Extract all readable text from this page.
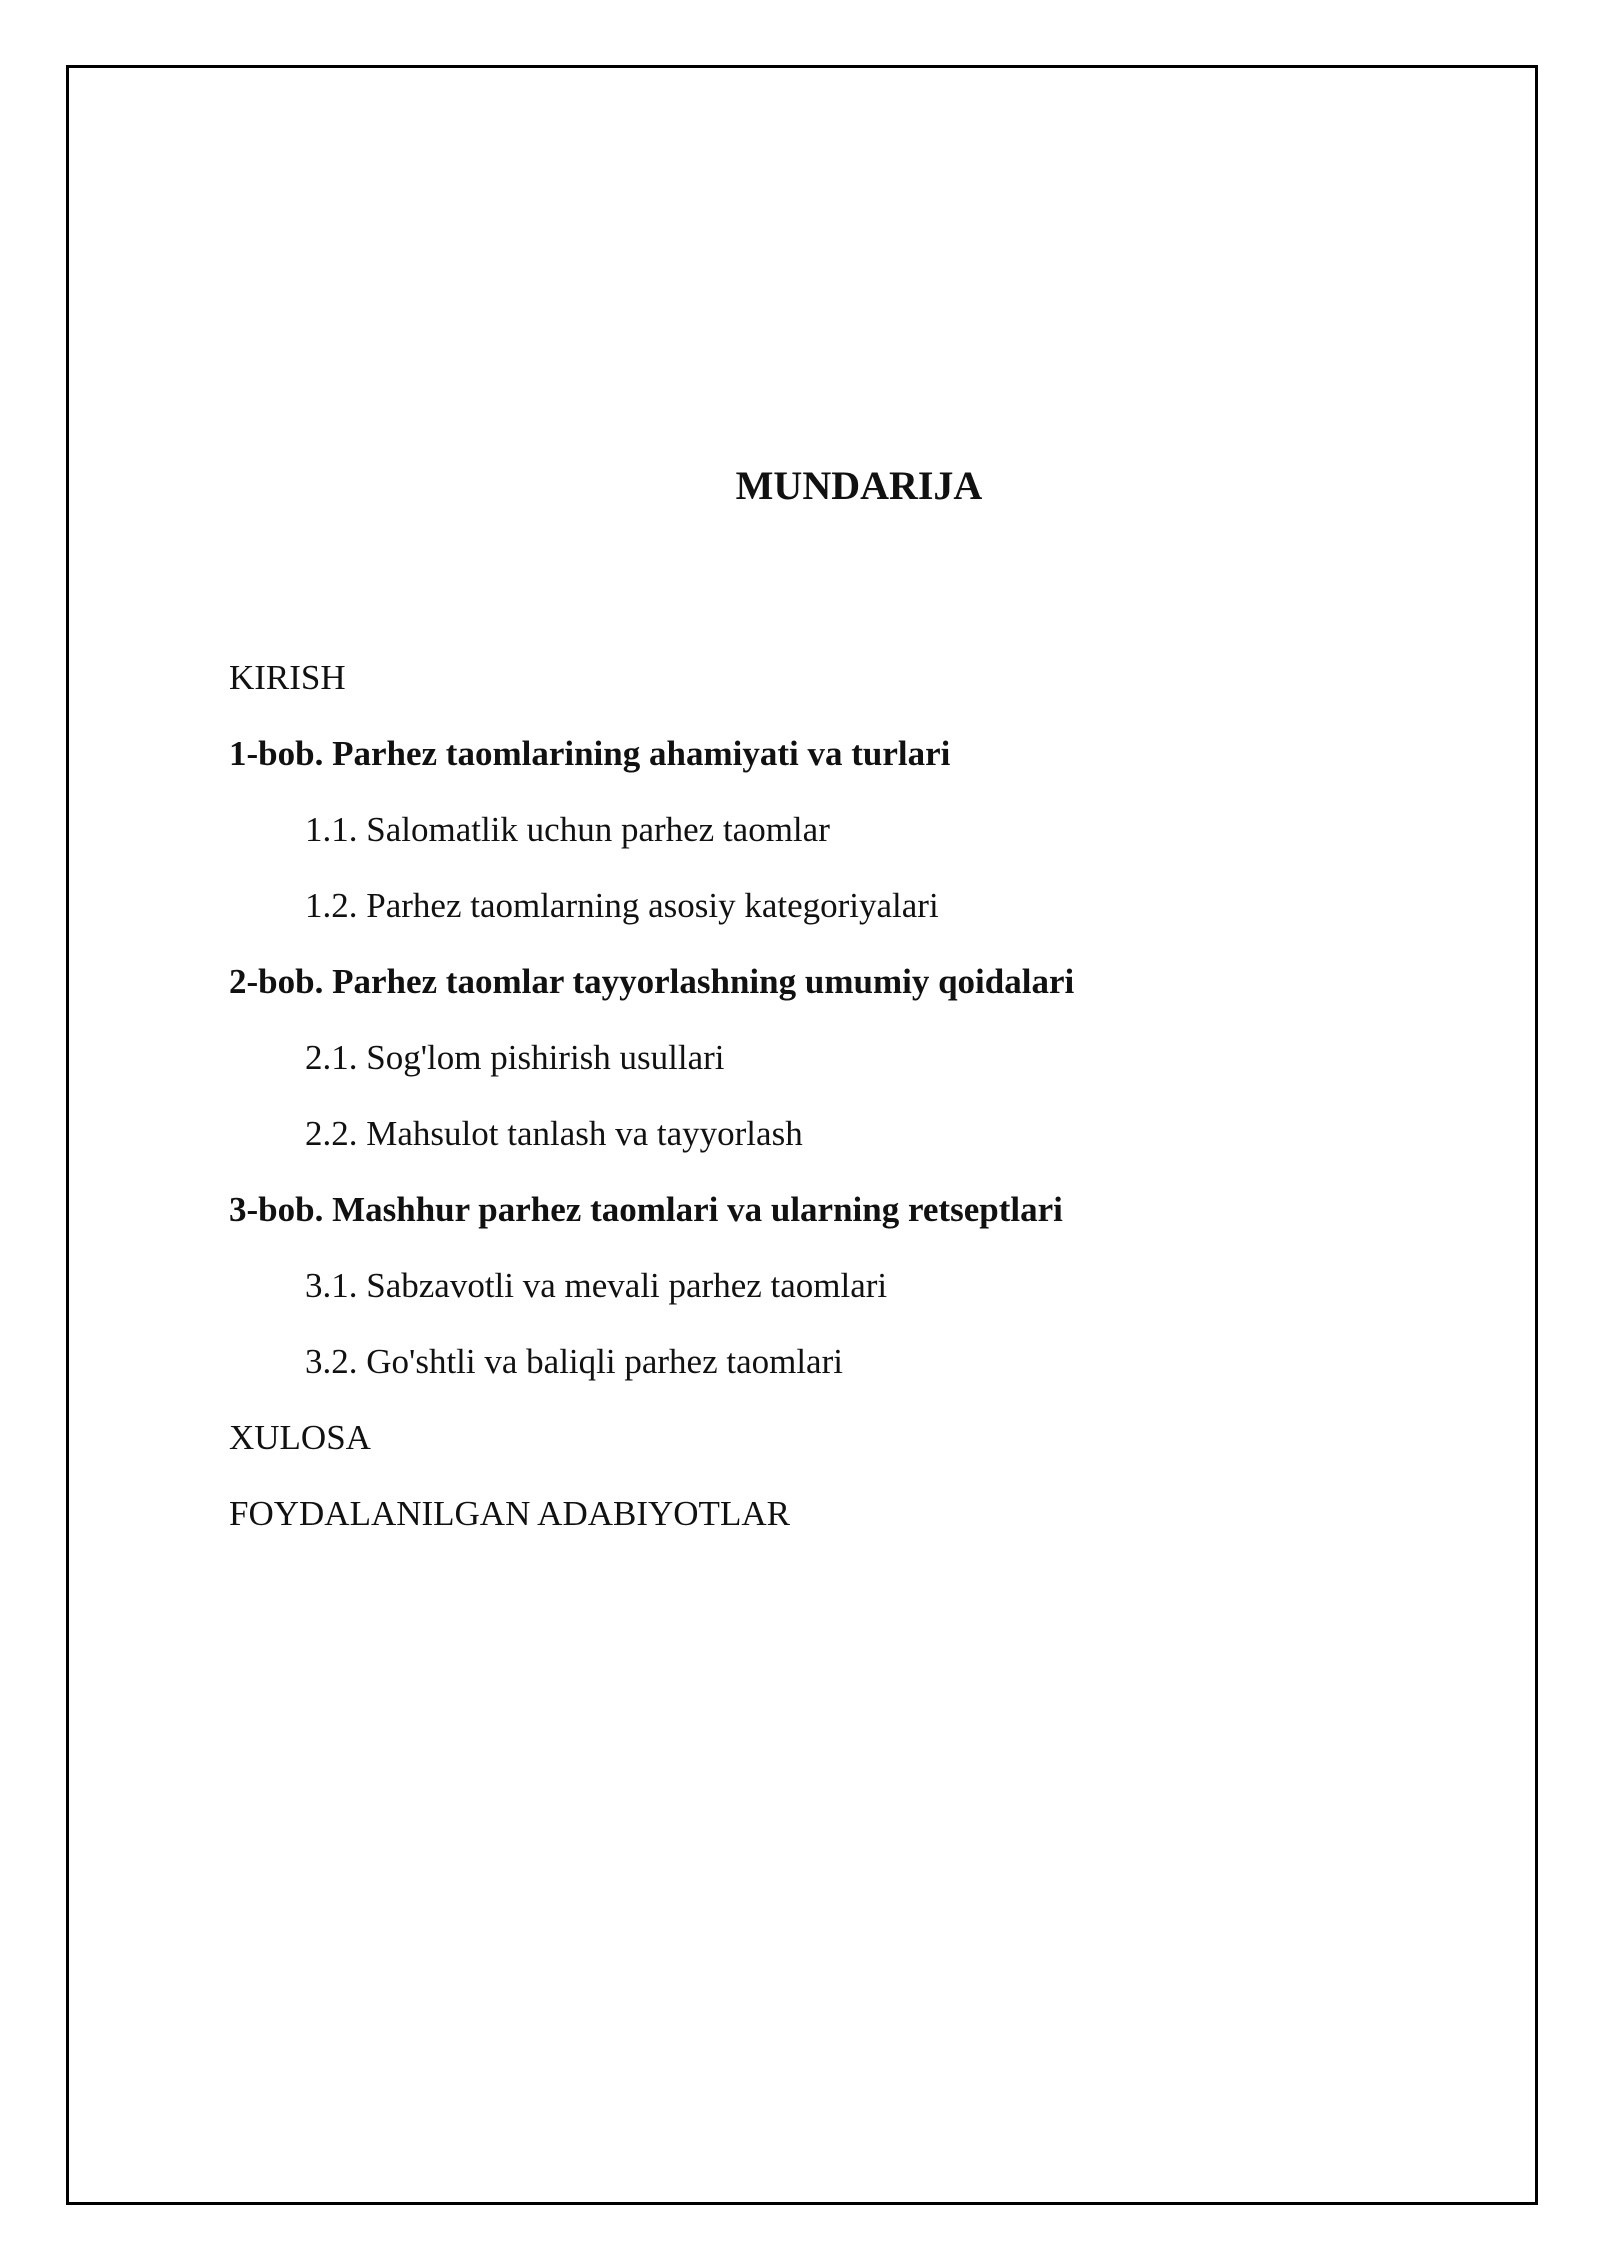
MUNDARIJA
KIRISH
1-bob. Parhez taomlarining ahamiyati va turlari
1.1. Salomatlik uchun parhez taomlar
1.2. Parhez taomlarning asosiy kategoriyalari
2-bob. Parhez taomlar tayyorlashning umumiy qoidalari
2.1. Sog'lom pishirish usullari
2.2. Mahsulot tanlash va tayyorlash
3-bob. Mashhur parhez taomlari va ularning retseptlari
3.1. Sabzavotli va mevali parhez taomlari
3.2. Go'shtli va baliqli parhez taomlari
XULOSA
FOYDALANILGAN ADABIYOTLAR
